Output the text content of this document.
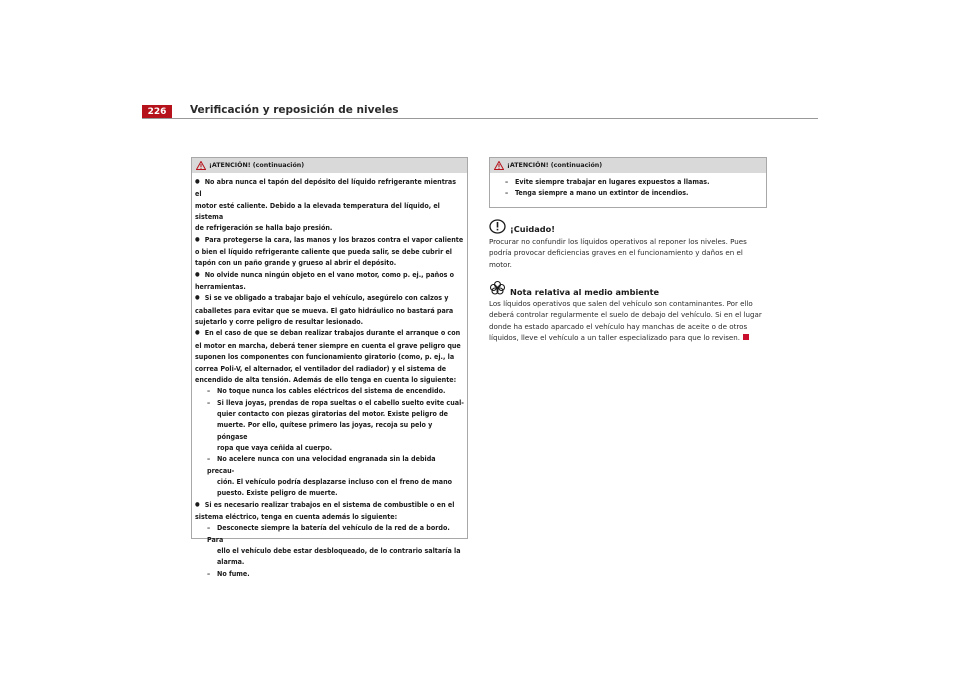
226	Verificación y reposición de niveles
¡ATENCIÓN! (continuación)

● No abra nunca el tapón del depósito del líquido refrigerante mientras el

motor esté caliente. Debido a la elevada temperatura del líquido, el sistema

de refrigeración se halla bajo presión.

● Para protegerse la cara, las manos y los brazos contra el vapor caliente

o bien el líquido refrigerante caliente que pueda salir, se debe cubrir el

tapón con un paño grande y grueso al abrir el depósito.

● No olvide nunca ningún objeto en el vano motor, como p. ej., paños o

herramientas.

● Si se ve obligado a trabajar bajo el vehículo, asegúrelo con calzos y

caballetes para evitar que se mueva. El gato hidráulico no bastará para

sujetarlo y corre peligro de resultar lesionado.

● En el caso de que se deban realizar trabajos durante el arranque o con

el motor en marcha, deberá tener siempre en cuenta el grave peligro que

suponen los componentes con funcionamiento giratorio (como, p. ej., la

correa Poli-V, el alternador, el ventilador del radiador) y el sistema de

encendido de alta tensión. Además de ello tenga en cuenta lo siguiente:

– No toque nunca los cables eléctricos del sistema de encendido.

– Si lleva joyas, prendas de ropa sueltas o el cabello suelto evite cual-

quier contacto con piezas giratorias del motor. Existe peligro de

muerte. Por ello, quítese primero las joyas, recoja su pelo y póngase

ropa que vaya ceñida al cuerpo.

– No acelere nunca con una velocidad engranada sin la debida precau-

ción. El vehículo podría desplazarse incluso con el freno de mano

puesto. Existe peligro de muerte.

● Si es necesario realizar trabajos en el sistema de combustible o en el

sistema eléctrico, tenga en cuenta además lo siguiente:

– Desconecte siempre la batería del vehículo de la red de a bordo. Para

ello el vehículo debe estar desbloqueado, de lo contrario saltaría la

alarma.

– No fume.

¡ATENCIÓN! (continuación)

– Evite siempre trabajar en lugares expuestos a llamas.

– Tenga siempre a mano un extintor de incendios.

¡Cuidado!

Procurar no confundir los líquidos operativos al reponer los niveles. Pues

podría provocar deficiencias graves en el funcionamiento y daños en el

motor.

Nota relativa al medio ambiente

Los líquidos operativos que salen del vehículo son contaminantes. Por ello

deberá controlar regularmente el suelo de debajo del vehículo. Si en el lugar

donde ha estado aparcado el vehículo hay manchas de aceite o de otros

líquidos, lleve el vehículo a un taller especializado para que lo revisen.
